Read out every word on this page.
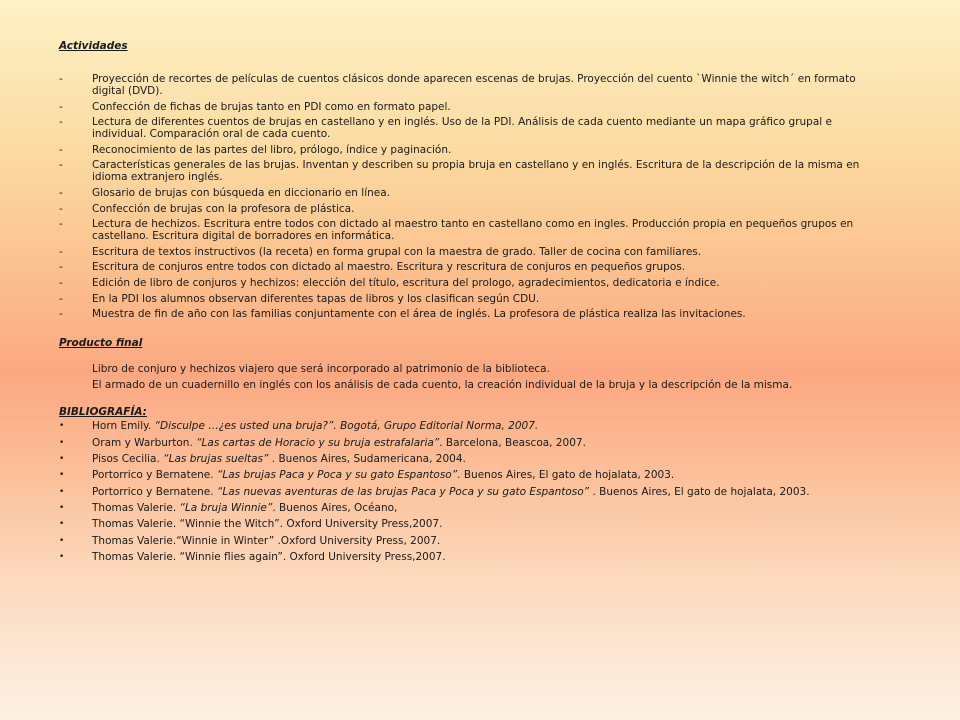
Actividades

-	Proyección de recortes de películas de cuentos clásicos donde aparecen escenas de brujas. Proyección del cuento `Winnie the witch´ en formato digital (DVD).
-	Confección de fichas de brujas tanto en PDI como en formato papel.
-	Lectura de diferentes cuentos de brujas en castellano y en inglés. Uso de la PDI. Análisis de cada cuento mediante un mapa gráfico grupal e individual. Comparación oral de cada cuento.
-	Reconocimiento de las partes del libro, prólogo, índice y paginación.
-	Características generales de las brujas. Inventan y describen su propia bruja en castellano y en inglés. Escritura de la descripción de la misma en idioma extranjero inglés.
-	Glosario de brujas con búsqueda en diccionario en línea.
-	Confección de brujas con la profesora de plástica.
-	Lectura de hechizos. Escritura entre todos con dictado al maestro tanto en castellano como en ingles. Producción propia en pequeños grupos en castellano. Escritura digital de borradores en informática.
-	Escritura de textos instructivos (la receta) en forma grupal con la maestra de grado. Taller de cocina con familiares.
-	Escritura de conjuros entre todos con dictado al maestro. Escritura y rescritura de conjuros en pequeños grupos.
-	Edición de libro de conjuros y hechizos: elección del título, escritura del prologo, agradecimientos, dedicatoria e índice.
-	En la PDI los alumnos observan diferentes tapas de libros y los clasifican según CDU.
-	Muestra de fin de año con las familias conjuntamente con el área de inglés. La profesora de plástica realiza las invitaciones.

Producto final

Libro de conjuro y hechizos viajero que será incorporado al patrimonio de la biblioteca.

El armado de un cuadernillo en inglés con los análisis de cada cuento, la creación individual de la bruja y la descripción de la misma.

BIBLIOGRAFÍA:

•	Horn Emily. “Disculpe …¿es usted una bruja?”. Bogotá, Grupo Editorial Norma, 2007.
•	Oram y Warburton. “Las cartas de Horacio y su bruja estrafalaria”. Barcelona, Beascoa, 2007.
•	Pisos Cecilia. “Las brujas sueltas” . Buenos Aires, Sudamericana, 2004.
•	Portorrico y Bernatene. “Las brujas Paca y Poca y su gato Espantoso”. Buenos Aires, El gato de hojalata, 2003.
•	Portorrico y Bernatene. “Las nuevas aventuras de las brujas Paca y Poca y su gato Espantoso” . Buenos Aires, El gato de hojalata, 2003.
•	Thomas Valerie. “La bruja Winnie”. Buenos Aires, Océano,
•	Thomas Valerie. “Winnie the Witch”. Oxford University Press,2007.
•	Thomas Valerie.“Winnie in Winter” .Oxford University Press, 2007.
•	Thomas Valerie. “Winnie flies again”. Oxford University Press,2007.
